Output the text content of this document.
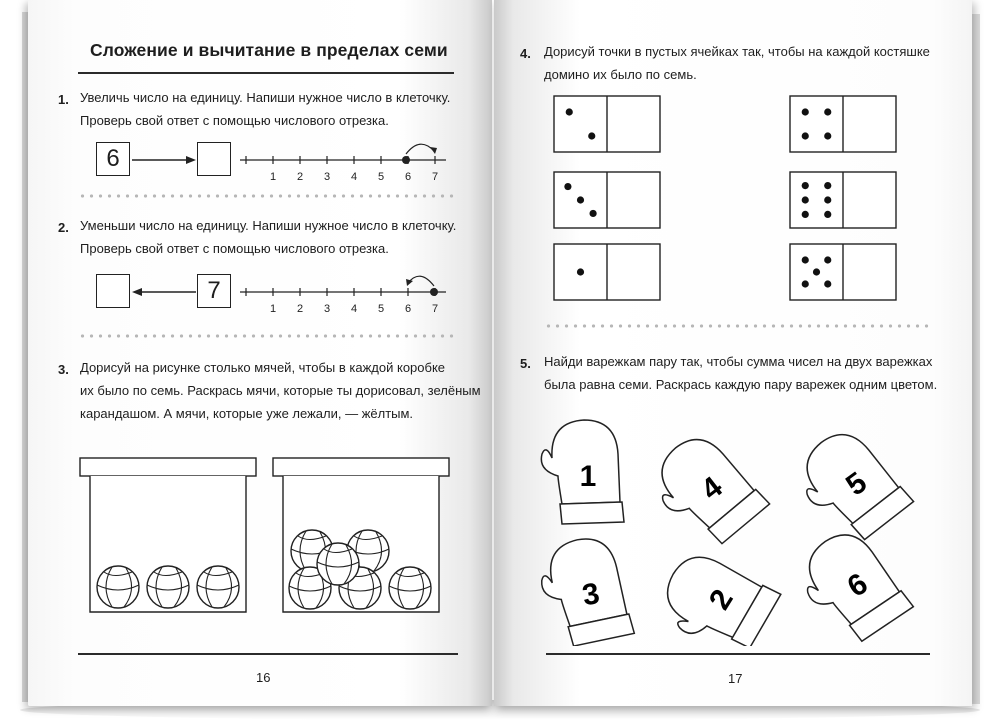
Сложение и вычитание в пределах семи
1. Увеличь число на единицу. Напиши нужное число в клеточку.
Проверь свой ответ с помощью числового отрезка.
6
1 2 3 4 5 6 7
2. Уменьши число на единицу. Напиши нужное число в клеточку.
Проверь свой ответ с помощью числового отрезка.
7
1 2 3 4 5 6 7
3. Дорисуй на рисунке столько мячей, чтобы в каждой коробке
их было по семь. Раскрась мячи, которые ты дорисовал, зелёным
карандашом. А мячи, которые уже лежали, — жёлтым.
16
4. Дорисуй точки в пустых ячейках так, чтобы на каждой костяшке
домино их было по семь.
5. Найди варежкам пару так, чтобы сумма чисел на двух варежках
была равна семи. Раскрась каждую пару варежек одним цветом.
1	4	5
3	2	6
17
